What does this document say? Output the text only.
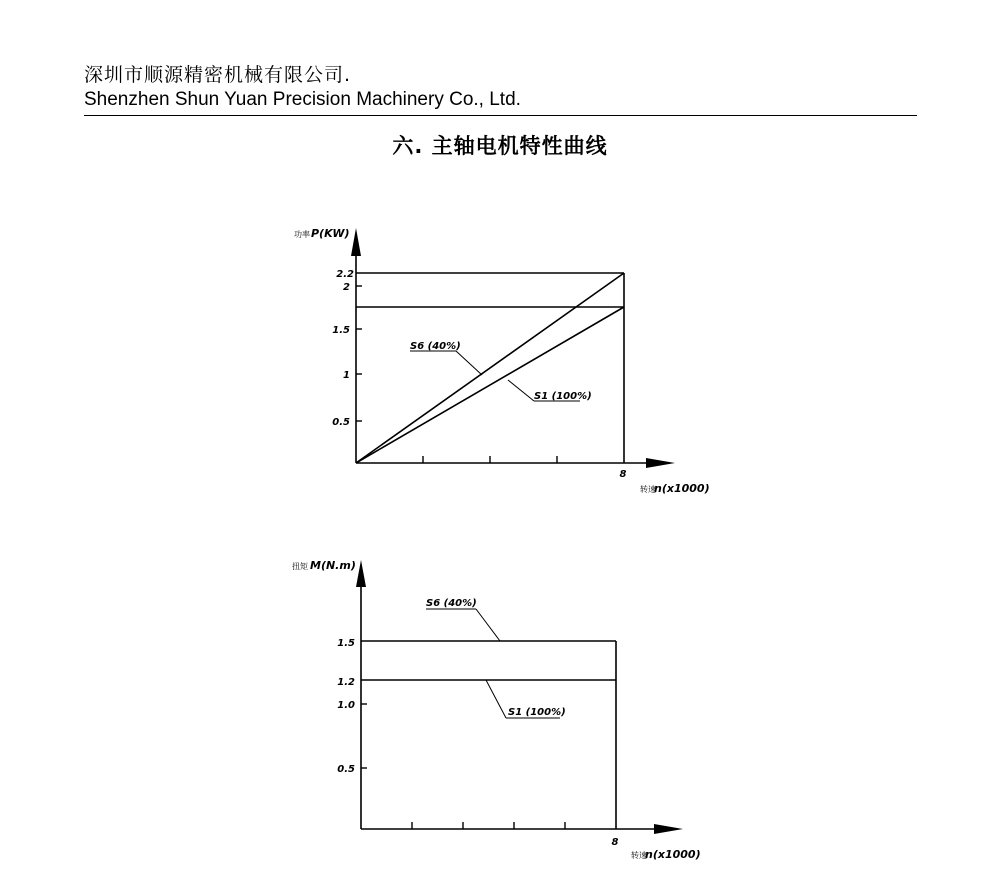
深圳市顺源精密机械有限公司.
Shenzhen Shun Yuan Precision Machinery Co., Ltd.
六. 主轴电机特性曲线
0.5
1
1.5
2
2.2
8
功率 P(KW)
转速
n(x1000)
S6 (40%)
S1 (100%)
0.5
1.0
1.2
1.5
8
扭矩 M(N.m)
转速
n(x1000)
S6 (40%)
S1 (100%)
